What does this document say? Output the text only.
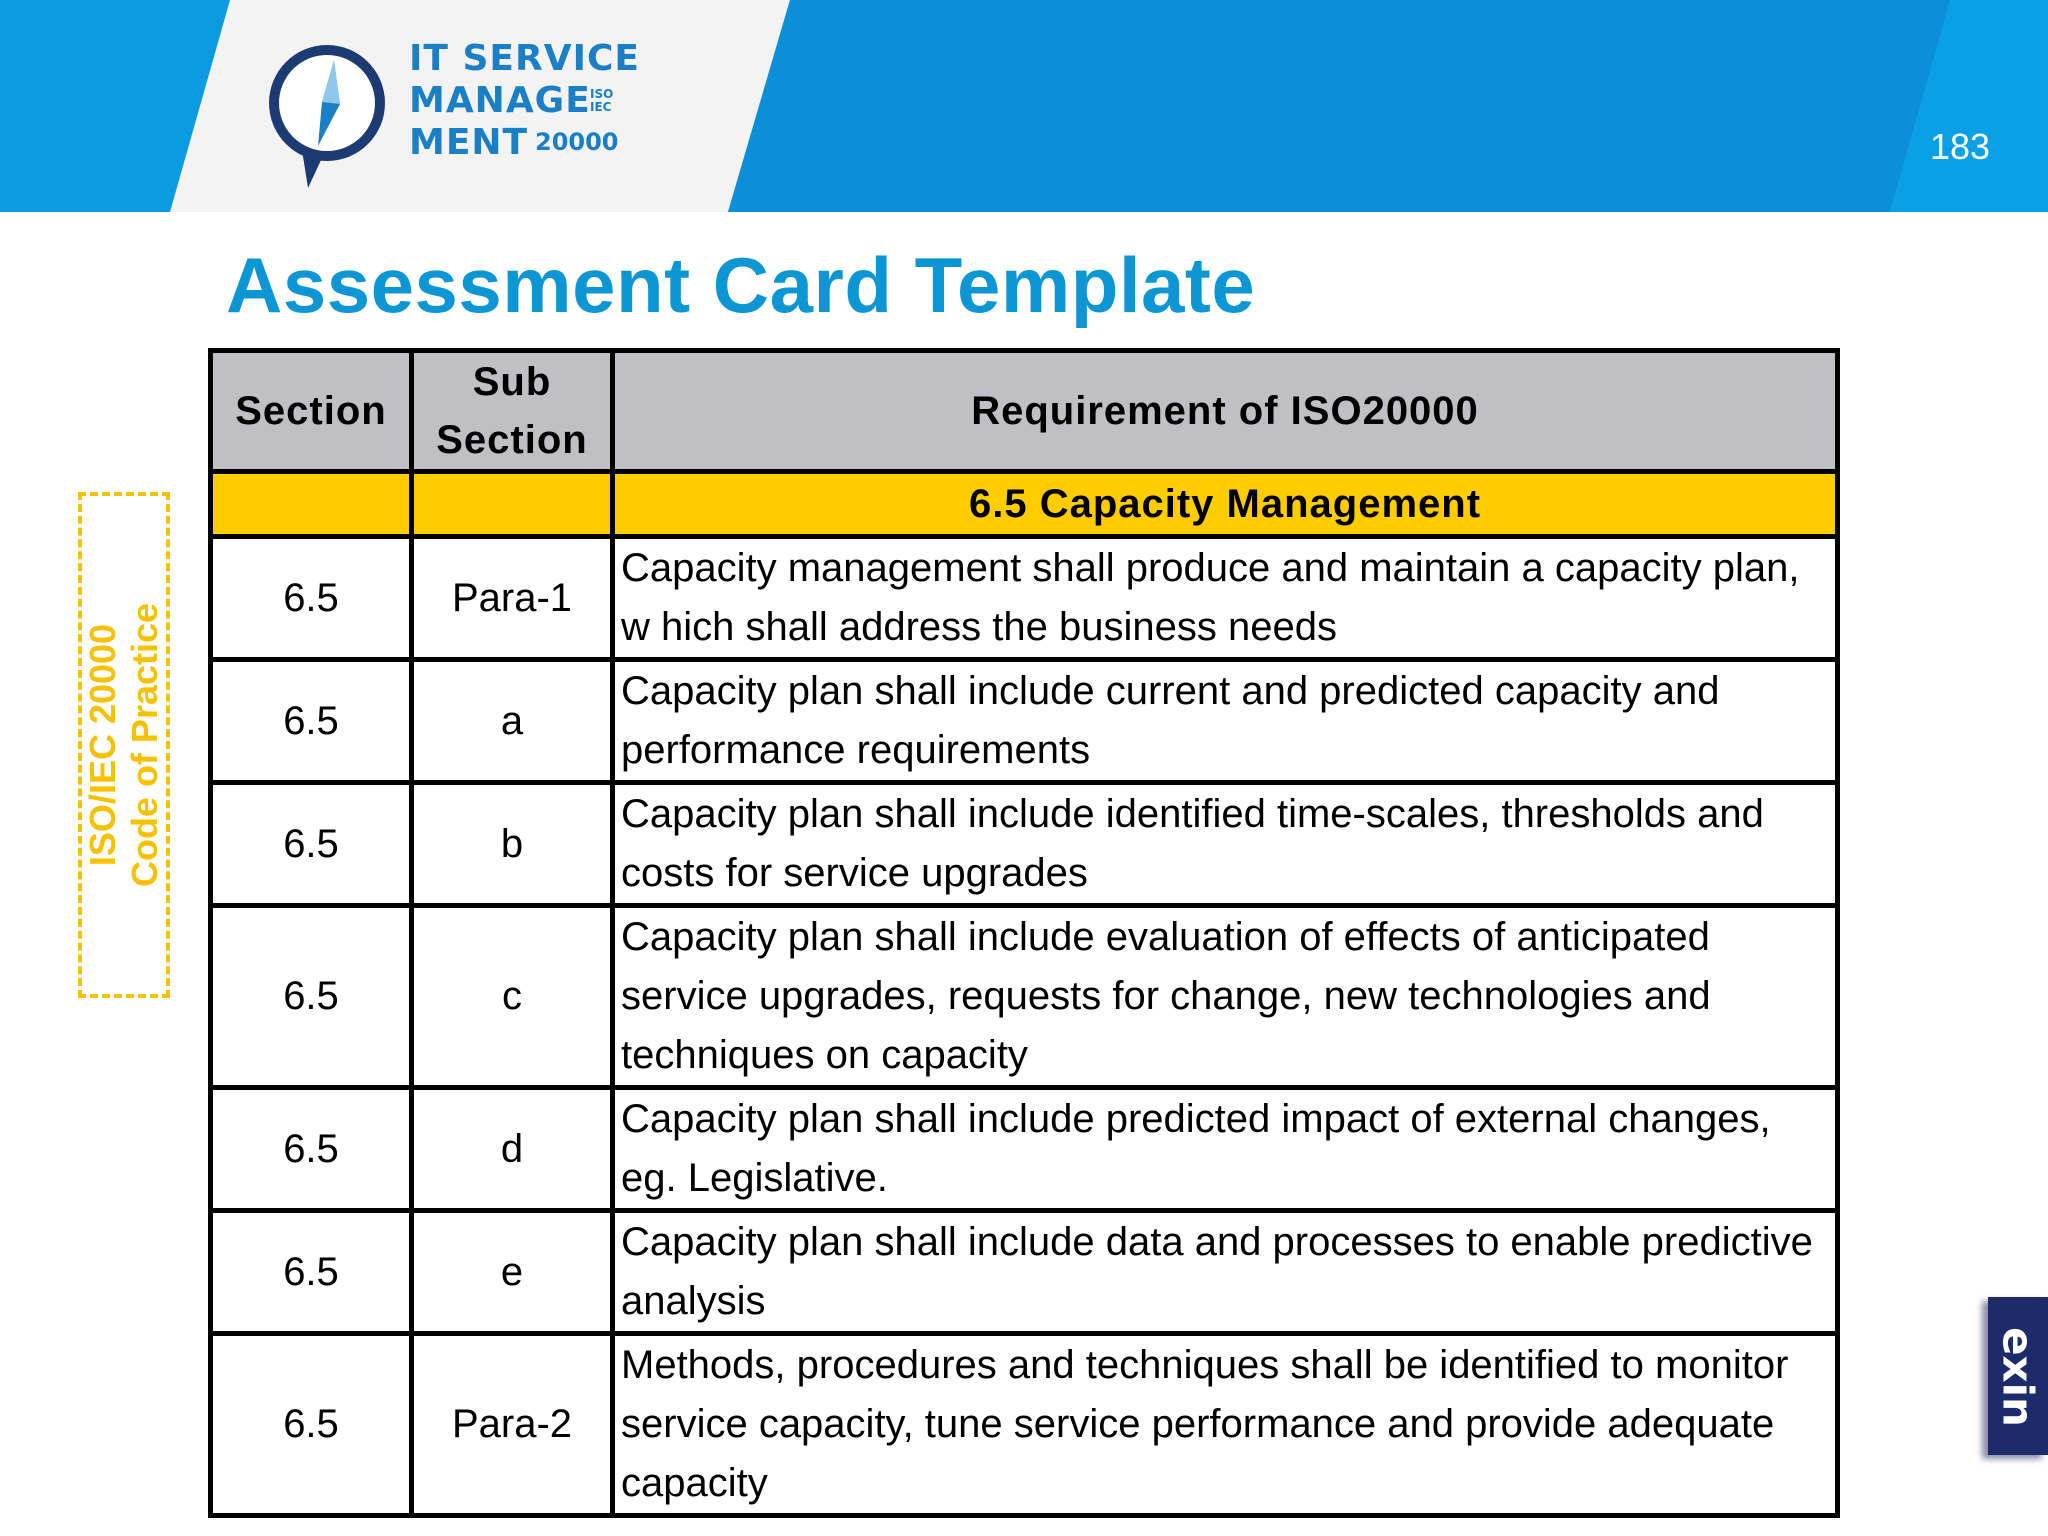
IT SERVICE
MANAGE
MENT
ISO
IEC
20000	183
Assessment Card Template
ISO/IEC 20000 Code of Practice
Section	Sub Section	Requirement of ISO20000
		6.5 Capacity Management
6.5	Para-1	Capacity management shall produce and maintain a capacity plan, w hich shall address the business needs
6.5	a	Capacity plan shall include current and predicted capacity and performance requirements
6.5	b	Capacity plan shall include identified time-scales, thresholds and costs for service upgrades
6.5	c	Capacity plan shall include evaluation of effects of anticipated service upgrades, requests for change, new technologies and techniques on capacity
6.5	d	Capacity plan shall include predicted impact of external changes, eg. Legislative.
6.5	e	Capacity plan shall include data and processes to enable predictive analysis
6.5	Para-2	Methods, procedures and techniques shall be identified to monitor service capacity, tune service performance and provide adequate capacity
exin
